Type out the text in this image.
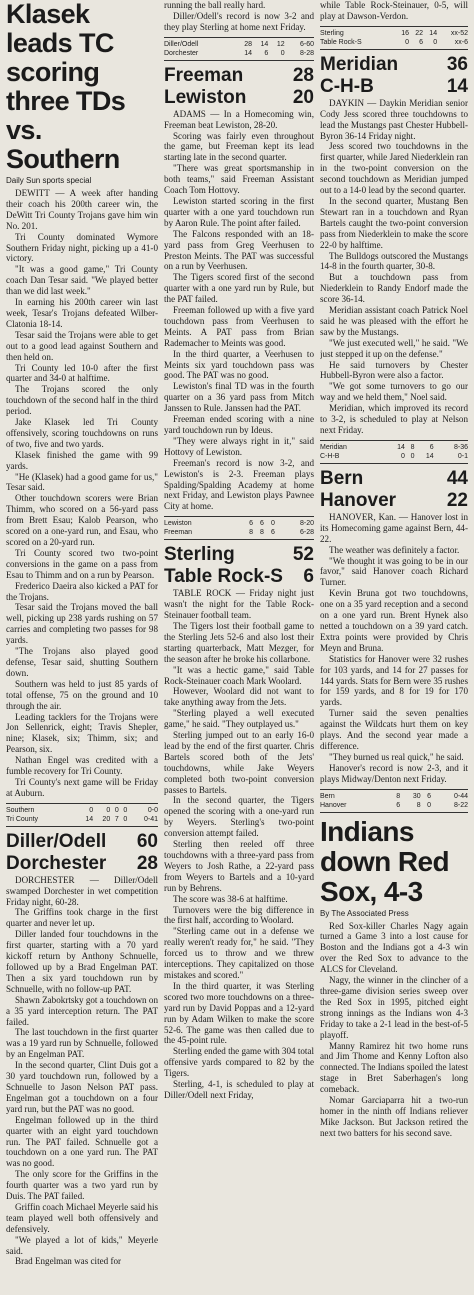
Klasek leads TC scoring three TDs vs. Southern
Daily Sun sports special

DEWITT — A week after handing their coach his 200th career win, the DeWitt Tri County Trojans gave him win No. 201.

Tri County dominated Wymore Southern Friday night, picking up a 41-0 victory.

"It was a good game," Tri County coach Dan Tesar said. "We played better than we did last week."

In earning his 200th career win last week, Tesar's Trojans defeated Wilber-Clatonia 18-14.

Tesar said the Trojans were able to get out to a good lead against Southern and then held on.

Tri County led 10-0 after the first quarter and 34-0 at halftime.

The Trojans scored the only touchdown of the second half in the third period.

Jake Klasek led Tri County offensively, scoring touchdowns on runs of two, five and two yards.

Klasek finished the game with 99 yards.

"He (Klasek) had a good game for us," Tesar said.

Other touchdown scorers were Brian Thimm, who scored on a 56-yard pass from Brett Esau; Kalob Pearson, who scored on a one-yard run, and Esau, who scored on a 20-yard run.

Tri County scored two two-point conversions in the game on a pass from Esau to Thimm and on a run by Pearson.

Frederico Daeira also kicked a PAT for the Trojans.

Tesar said the Trojans moved the ball well, picking up 238 yards rushing on 57 carries and completing two passes for 98 yards.

"The Trojans also played good defense, Tesar said, shutting Southern down.

Southern was held to just 85 yards of total offense, 75 on the ground and 10 through the air.

Leading tacklers for the Trojans were Jon Sellenrick, eight; Travis Shepler, nine; Klasek, six; Thimm, six; and Pearson, six.

Nathan Engel was credited with a fumble recovery for Tri County.

Tri County's next game will be Friday at Auburn.

Southern	0	0	0	0	0-0
Tri County	14	20	7	0	0-41
Diller/Odell 60
Dorchester 28

DORCHESTER — Diller/Odell swamped Dorchester in wet competition Friday night, 60-28.

The Griffins took charge in the first quarter and never let up.

Diller landed four touchdowns in the first quarter, starting with a 70 yard kickoff return by Anthony Schnuelle, followed up by a Brad Engelman PAT. Then a six yard touchdown run by Schnuelle, with no follow-up PAT.

Shawn Zabokrtsky got a touchdown on a 35 yard interception return. The PAT failed.

The last touchdown in the first quarter was a 19 yard run by Schnuelle, followed by an Engelman PAT.

In the second quarter, Clint Duis got a 30 yard touchdown run, followed by a Schnuelle to Jason Nelson PAT pass. Engelman got a touchdown on a four yard run, but the PAT was no good.

Engelman followed up in the third quarter with an eight yard touchdown run. The PAT failed. Schnuelle got a touchdown on a one yard run. The PAT was no good.

The only score for the Griffins in the fourth quarter was a two yard run by Duis. The PAT failed.

Griffin coach Michael Meyerle said his team played well both offensively and defensively.

"We played a lot of kids," Meyerle said.

Brad Engelman was cited for

running the ball really hard.

Diller/Odell's record is now 3-2 and they play Sterling at home next Friday.

Diller/Odell	28	14	12	6-60
Dorchester	14	6	0	8-28
Freeman	28
Lewiston 20

ADAMS — In a Homecoming win, Freeman beat Lewiston, 28-20.

Scoring was fairly even throughout the game, but Freeman kept its lead starting late in the second quarter.

"There was great sportsmanship in both teams," said Freeman Assistant Coach Tom Hottovy.

Lewiston started scoring in the first quarter with a one yard touchdown run by Aaron Rule. The point after failed.

The Falcons responded with an 18-yard pass from Greg Veerhusen to Preston Meints. The PAT was successful on a run by Veerhusen.

The Tigers scored first of the second quarter with a one yard run by Rule, but the PAT failed.

Freeman followed up with a five yard touchdown pass from Veerhusen to Meints. A PAT pass from Brian Rademacher to Meints was good.

In the third quarter, a Veerhusen to Meints six yard touchdown pass was good. The PAT was no good.

Lewiston's final TD was in the fourth quarter on a 36 yard pass from Mitch Janssen to Rule. Janssen had the PAT.

Freeman ended scoring with a nine yard touchdown run by Ideus.

"They were always right in it," said Hottovy of Lewiston.

Freeman's record is now 3-2, and Lewiston's is 2-3. Freeman plays Spalding/Spalding Academy at home next Friday, and Lewiston plays Pawnee City at home.

Lewiston	6	6	0	8-20
Freeman	8	8	6	6-28
Sterling	52
Table Rock-S 6

TABLE ROCK — Friday night just wasn't the night for the Table Rock-Steinauer football team.

The Tigers lost their football game to the Sterling Jets 52-6 and also lost their starting quarterback, Matt Mezger, for the season after he broke his collarbone.

"It was a hectic game," said Table Rock-Steinauer coach Mark Woolard.

However, Woolard did not want to take anything away from the Jets.

"Sterling played a well executed game," he said. "They outplayed us."

Sterling jumped out to an early 16-0 lead by the end of the first quarter. Chris Bartels scored both of the Jets' touchdowns, while Jake Weyers completed both two-point conversion passes to Bartels.

In the second quarter, the Tigers opened the scoring with a one-yard run by Weyers. Sterling's two-point conversion attempt failed.

Sterling then reeled off three touchdowns with a three-yard pass from Weyers to Josh Rathe, a 22-yard pass from Weyers to Bartels and a 10-yard run by Behrens.

The score was 38-6 at halftime.

Turnovers were the big difference in the first half, according to Woolard.

"Sterling came out in a defense we really weren't ready for," he said. "They forced us to throw and we threw interceptions. They capitalized on those mistakes and scored."

In the third quarter, it was Sterling scored two more touchdowns on a three-yard run by David Poppas and a 12-yard run by Adam Wilken to make the score 52-6. The game was then called due to the 45-point rule.

Sterling ended the game with 304 total offensive yards compared to 82 by the Tigers.

Sterling, 4-1, is scheduled to play at Diller/Odell next Friday,

while Table Rock-Steinauer, 0-5, will play at Dawson-Verdon.

Sterling	16	22	14	xx-52
Table Rock-S	0	6	0	xx-6
Meridian	36
C-H-B	14

DAYKIN — Daykin Meridian senior Cody Jess scored three touchdowns to lead the Mustangs past Chester Hubbell-Byron 36-14 Friday night.

Jess scored two touchdowns in the first quarter, while Jared Niederklein ran in the two-point conversion on the second touchdown as Meridian jumped out to a 14-0 lead by the second quarter.

In the second quarter, Mustang Ben Stewart ran in a touchdown and Ryan Bartels caught the two-point conversion pass from Niederklein to make the score 22-0 by halftime.

The Bulldogs outscored the Mustangs 14-8 in the fourth quarter, 30-8.

But a touchdown pass from Niederklein to Randy Endorf made the score 36-14.

Meridian assistant coach Patrick Noel said he was pleased with the effort he saw by the Mustangs.

"We just executed well," he said. "We just stepped it up on the defense."

He said turnovers by Chester Hubbell-Byron were also a factor.

"We got some turnovers to go our way and we held them," Noel said.

Meridian, which improved its record to 3-2, is scheduled to play at Nelson next Friday.

Meridian	14	8	6	8-36
C-H-B	0	0	14	0-1
Bern	44
Hanover	22

HANOVER, Kan. — Hanover lost in its Homecoming game against Bern, 44-22.

The weather was definitely a factor.

"We thought it was going to be in our favor," said Hanover coach Richard Turner.

Kevin Bruna got two touchdowns, one on a 35 yard reception and a second on a one yard run. Brent Hynek also netted a touchdown on a 39 yard catch. Extra points were provided by Chris Meyn and Bruna.

Statistics for Hanover were 32 rushes for 103 yards, and 14 for 27 passes for 144 yards. Stats for Bern were 35 rushes for 159 yards, and 8 for 19 for 170 yards.

Turner said the seven penalties against the Wildcats hurt them on key plays. And the second year made a difference.

"They burned us real quick," he said.

Hanover's record is now 2-3, and it plays Midway/Denton next Friday.

Bern	8	30	6	0-44
Hanover	6	8	0	8-22
Indians down Red Sox, 4-3
By The Associated Press

Red Sox-killer Charles Nagy again turned a Game 3 into a lost cause for Boston and the Indians got a 4-3 win over the Red Sox to advance to the ALCS for Cleveland.

Nagy, the winner in the clincher of a three-game division series sweep over the Red Sox in 1995, pitched eight strong innings as the Indians won 4-3 Friday to take a 2-1 lead in the best-of-5 playoff.

Manny Ramirez hit two home runs and Jim Thome and Kenny Lofton also connected. The Indians spoiled the latest stage in Bret Saberhagen's long comeback.

Nomar Garciaparra hit a two-run homer in the ninth off Indians reliever Mike Jackson. But Jackson retired the next two batters for his second save.
